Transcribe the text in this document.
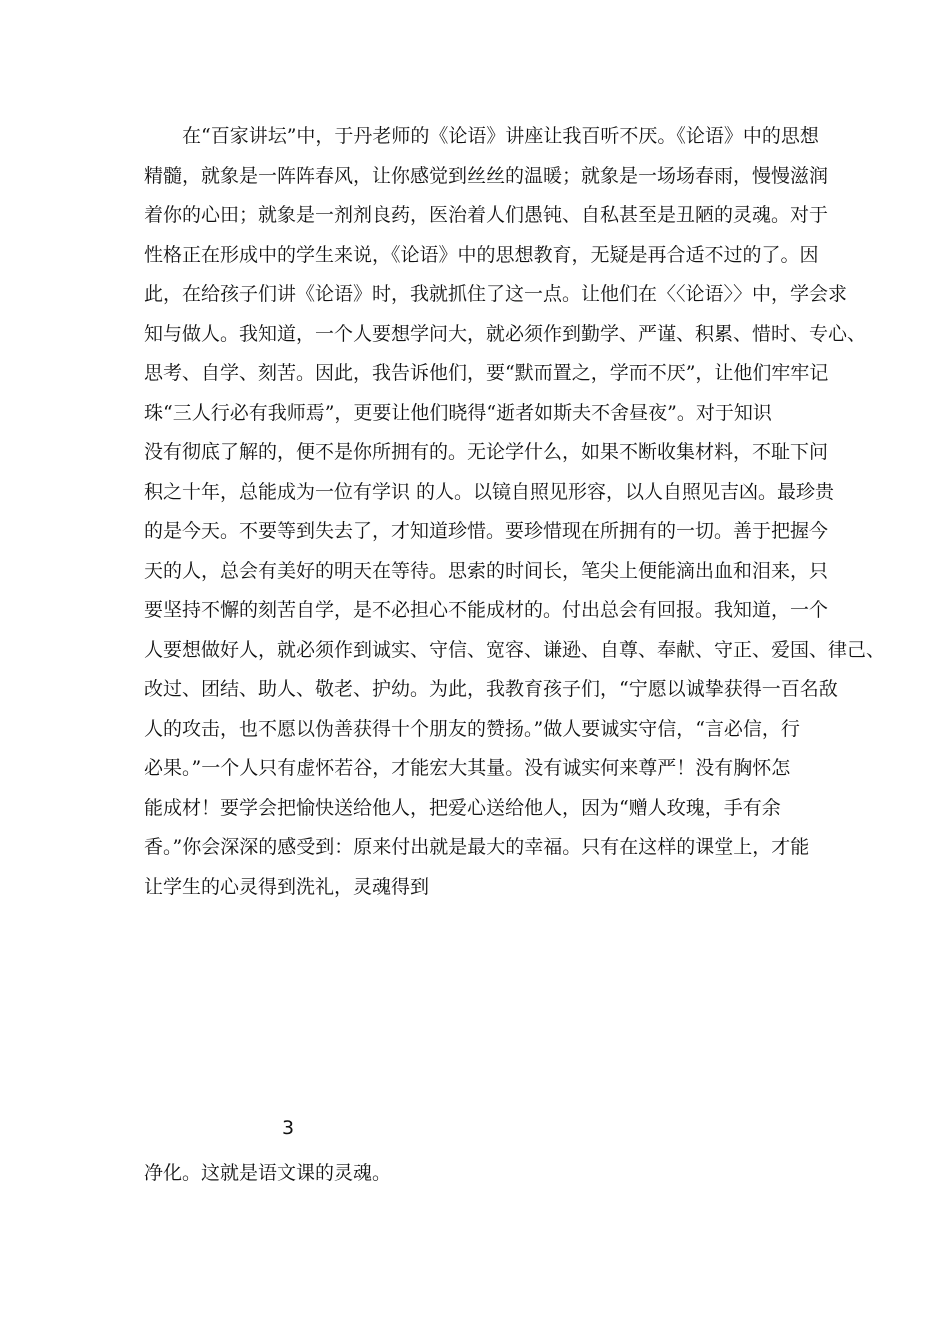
在“百家讲坛”中，于丹老师的《论语》讲座让我百听不厌。《论语》中的思想
精髓，就象是一阵阵春风，让你感觉到丝丝的温暖；就象是一场场春雨，慢慢滋润
着你的心田；就象是一剂剂良药，医治着人们愚钝、自私甚至是丑陋的灵魂。对于
性格正在形成中的学生来说，《论语》中的思想教育，无疑是再合适不过的了。因
此，在给孩子们讲《论语》时，我就抓住了这一点。让他们在〈〈论语〉〉中，学会求
知与做人。我知道，一个人要想学问大，就必须作到勤学、严谨、积累、惜时、专心、
思考、自学、刻苦。因此，我告诉他们，要“默而置之，学而不厌”，让他们牢牢记
珠“三人行必有我师焉”，更要让他们晓得“逝者如斯夫不舍昼夜”。对于知识
没有彻底了解的，便不是你所拥有的。无论学什么，如果不断收集材料，不耻下问
积之十年，总能成为一位有学识 的人。以镜自照见形容，以人自照见吉凶。最珍贵
的是今天。不要等到失去了，才知道珍惜。要珍惜现在所拥有的一切。善于把握今
天的人，总会有美好的明天在等待。思索的时间长，笔尖上便能滴出血和泪来，只
要坚持不懈的刻苦自学，是不必担心不能成材的。付出总会有回报。我知道，一个
人要想做好人，就必须作到诚实、守信、宽容、谦逊、自尊、奉献、守正、爱国、律己、
改过、团结、助人、敬老、护幼。为此，我教育孩子们，“宁愿以诚挚获得一百名敌
人的攻击，也不愿以伪善获得十个朋友的赞扬。”做人要诚实守信，“言必信，行
必果。”一个人只有虚怀若谷，才能宏大其量。没有诚实何来尊严！没有胸怀怎
能成材！要学会把愉快送给他人，把爱心送给他人，因为“赠人玫瑰，手有余
香。”你会深深的感受到：原来付出就是最大的幸福。只有在这样的课堂上，才能
让学生的心灵得到洗礼，灵魂得到
3
净化。这就是语文课的灵魂。
